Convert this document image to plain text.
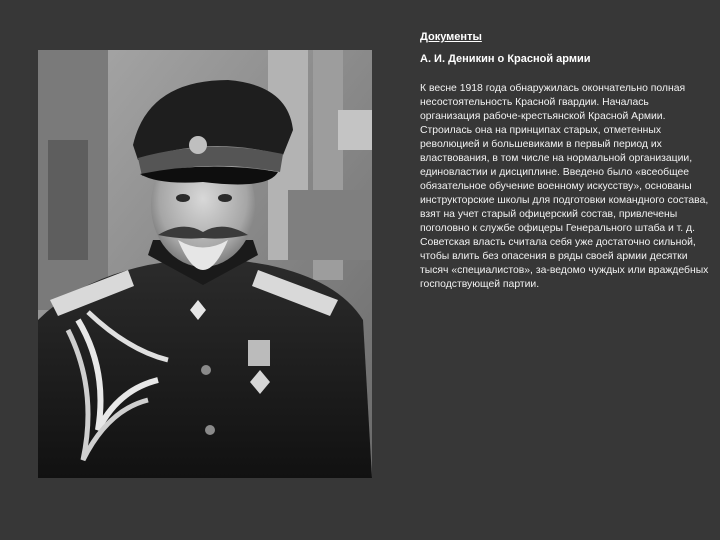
Документы
А. И. Деникин о Красной армии

К весне 1918 года обнаружилась окончательно полная несостоятельность Красной гвардии. Началась организация рабоче-крестьянской Красной Армии. Строилась она на принципах старых, отметенных революцией и большевиками в первый период их властвования, в том числе на нормальной организации, единовластии и дисциплине. Введено было «всеобщее обязательное обучение военному искусству», основаны инструкторские школы для подготовки командного состава, взят на учет старый офицерский состав, привлечены поголовно к службе офицеры Генерального штаба и т. д. Советская власть считала себя уже достаточно сильной, чтобы влить без опасения в ряды своей армии десятки тысяч «специалистов», за-ведомо чуждых или враждебных господствующей партии.
